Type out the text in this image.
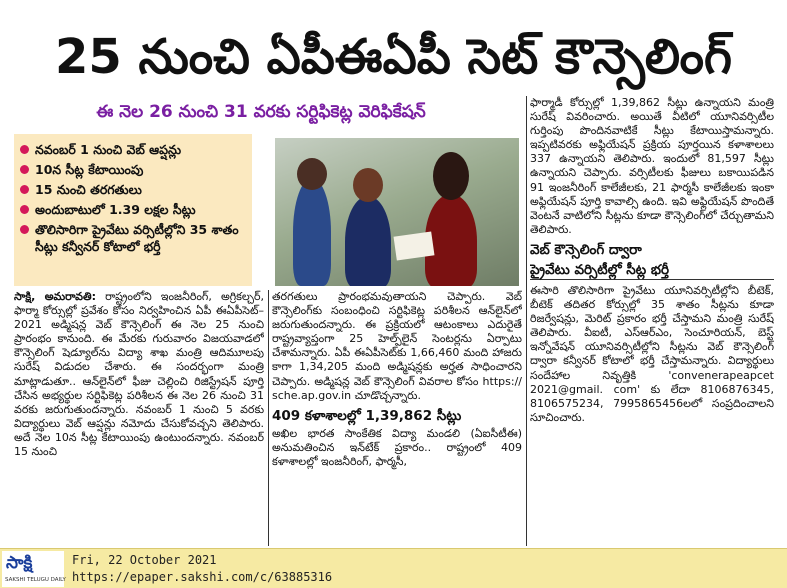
25 నుంచి ఏపీఈఏపీ సెట్ కౌన్సెలింగ్
ఈ నెల 26 నుంచి 31 వరకు సర్టిఫికెట్ల వెరిఫికేషన్
నవంబర్ 1 నుంచి వెబ్ ఆప్షన్లు
10న సీట్ల కేటాయింపు
15 నుంచి తరగతులు
అందుబాటులో 1.39 లక్షల సీట్లు
తొలిసారిగా ప్రైవేటు వర్సిటీల్లోని 35 శాతం సీట్లు కన్వీనర్ కోటాలో భర్తీ

సాక్షి, అమరావతి: రాష్ట్రంలోని ఇంజనీరింగ్, అగ్రికల్చర్, ఫార్మా కోర్సుల్లో ప్రవేశం కోసం నిర్వహించిన ఏపీ ఈఏపీసెట్–2021 అడ్మిషన్ల వెబ్ కౌన్సెలింగ్ ఈ నెల 25 నుంచి ప్రారంభం కానుంది. ఈ మేరకు గురువారం విజయవాడలో కౌన్సెలింగ్ షెడ్యూల్‌ను విద్యా శాఖ మంత్రి ఆదిమూలపు సురేష్ విడుదల చేశారు. ఈ సందర్భంగా మంత్రి మాట్లాడుతూ.. ఆన్‌లైన్‌లో ఫీజు చెల్లించి రిజిస్ట్రేషన్ పూర్తి చేసిన అభ్యర్థుల సర్టిఫికెట్ల పరిశీలన ఈ నెల 26 నుంచి 31 వరకు జరుగుతుందన్నారు. నవంబర్ 1 నుంచి 5 వరకు విద్యార్థులు వెబ్ ఆప్షన్లు నమోదు చేసుకోవచ్చని తెలిపారు. అదే నెల 10న సీట్ల కేటాయింపు ఉంటుందన్నారు. నవంబర్ 15 నుంచి

తరగతులు ప్రారంభమవుతాయని చెప్పారు. వెబ్ కౌన్సెలింగ్‌కు సంబంధించి సర్టిఫికెట్ల పరిశీలన ఆన్‌లైన్‌లో జరుగుతుందన్నారు. ఈ ప్రక్రియలో ఆటంకాలు ఎదురైతే రాష్ట్రవ్యాప్తంగా 25 హెల్ప్‌లైన్ సెంటర్లను ఏర్పాటు చేశామన్నారు. ఏపీ ఈఏపీసెట్‌కు 1,66,460 మంది హాజరు కాగా 1,34,205 మంది అడ్మిషన్లకు అర్హత సాధించారని చెప్పారు. అడ్మిషన్ల వెబ్ కౌన్సెలింగ్ వివరాల కోసం https:// sche.ap.gov.in చూడొచ్చన్నారు.

409 కళాశాలల్లో 1,39,862 సీట్లు

అఖిల భారత సాంకేతిక విద్యా మండలి (ఏఐసీటీఈ) అనుమతించిన ఇన్‌టేక్ ప్రకారం.. రాష్ట్రంలో 409 కళాశాలల్లో ఇంజనీరింగ్, ఫార్మసీ,

ఫార్మాడీ కోర్సుల్లో 1,39,862 సీట్లు ఉన్నాయని మంత్రి సురేష్ వివరించారు. అయితే వీటిలో యూనివర్సిటీల గుర్తింపు పొందినవాటికే సీట్లు కేటాయిస్తామన్నారు. ఇప్పటివరకు అఫ్లియేషన్ ప్రక్రియ పూర్తయిన కళాశాలలు 337 ఉన్నాయని తెలిపారు. ఇందులో 81,597 సీట్లు ఉన్నాయని చెప్పారు. వర్సిటీలకు ఫీజులు బకాయిపడిన 91 ఇంజనీరింగ్ కాలేజీలకు, 21 ఫార్మసీ కాలేజీలకు ఇంకా అఫ్లియేషన్ పూర్తి కావాల్సి ఉంది. ఇవి అఫ్లియేషన్ పొందితే వెంటనే వాటిలోని సీట్లను కూడా కౌన్సెలింగ్‌లో చేర్చుతామని తెలిపారు.

వెబ్ కౌన్సెలింగ్ ద్వారా
ప్రైవేటు వర్సిటీల్లో సీట్ల భర్తీ

ఈసారి తొలిసారిగా ప్రైవేటు యూనివర్సిటీల్లోని బీటెక్, బీటెక్ తదితర కోర్సుల్లో 35 శాతం సీట్లను కూడా రిజర్వేషన్లు, మెరిట్ ప్రకారం భర్తీ చేస్తామని మంత్రి సురేష్ తెలిపారు. వీఐటీ, ఎస్ఆర్ఎం, సెంచూరియన్, బెస్ట్ ఇన్నోవేషన్ యూనివర్సిటీల్లోని సీట్లను వెబ్ కౌన్సెలింగ్ ద్వారా కన్వీనర్ కోటాలో భర్తీ చేస్తామన్నారు. విద్యార్థులు సందేహాల నివృత్తికి 'convenerapeapcet 2021@gmail. com' కు లేదా 8106876345, 8106575234, 7995865456లలో సంప్రదించాలని సూచించారు.

సాక్షి
SAKSHI TELUGU DAILY
Fri, 22 October 2021
https://epaper.sakshi.com/c/63885316
